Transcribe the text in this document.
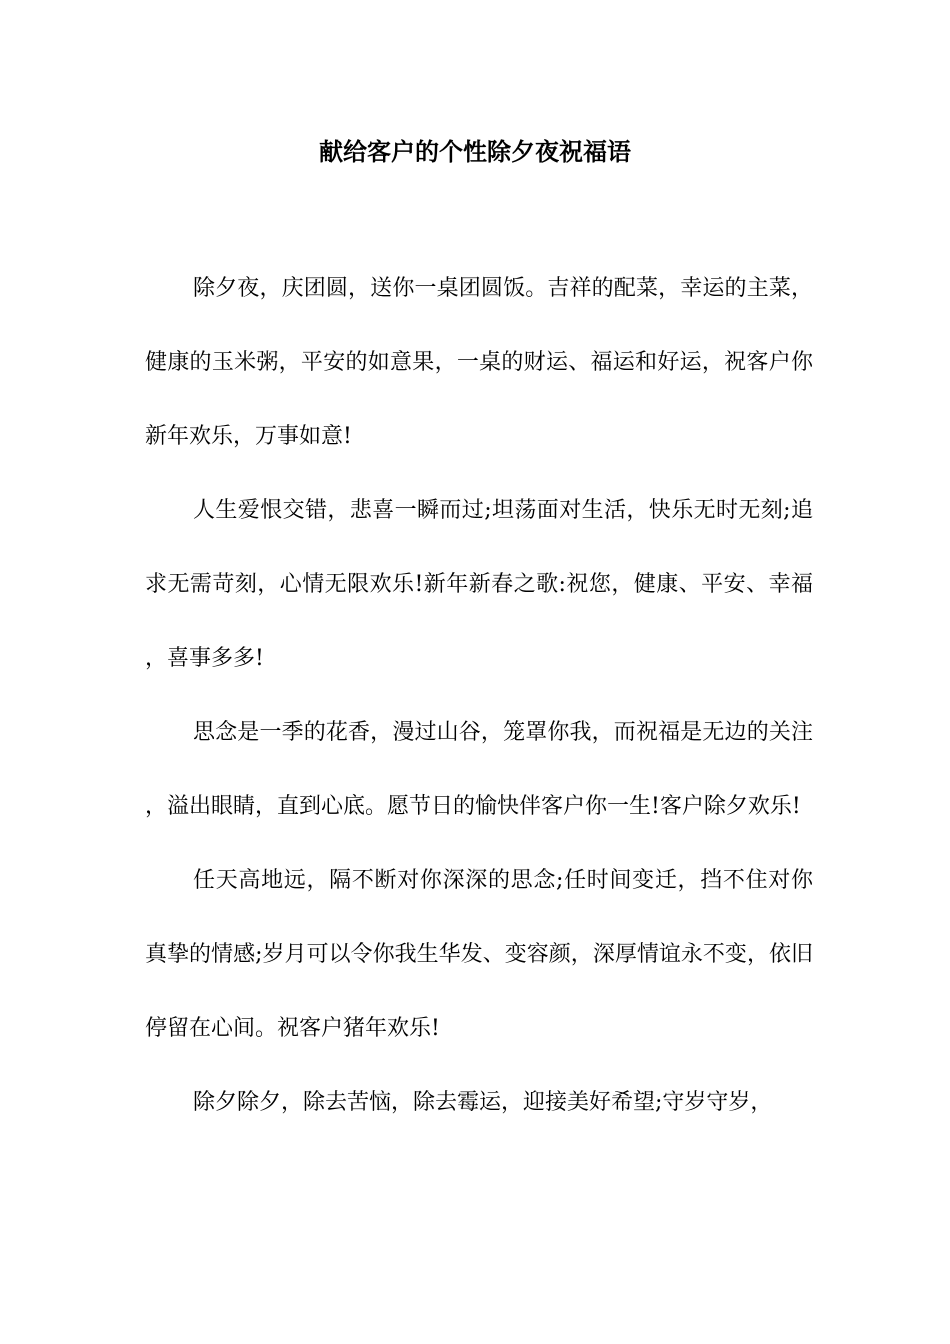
献给客户的个性除夕夜祝福语

除夕夜，庆团圆，送你一桌团圆饭。吉祥的配菜，幸运的主菜，健康的玉米粥，平安的如意果，一桌的财运、福运和好运，祝客户你新年欢乐，万事如意!

人生爱恨交错，悲喜一瞬而过;坦荡面对生活，快乐无时无刻;追求无需苛刻，心情无限欢乐!新年新春之歌:祝您，健康、平安、幸福，喜事多多!

思念是一季的花香，漫过山谷，笼罩你我，而祝福是无边的关注，溢出眼睛，直到心底。愿节日的愉快伴客户你一生!客户除夕欢乐!

任天高地远，隔不断对你深深的思念;任时间变迁，挡不住对你真挚的情感;岁月可以令你我生华发、变容颜，深厚情谊永不变，依旧停留在心间。祝客户猪年欢乐!

除夕除夕，除去苦恼，除去霉运，迎接美好希望;守岁守岁，
